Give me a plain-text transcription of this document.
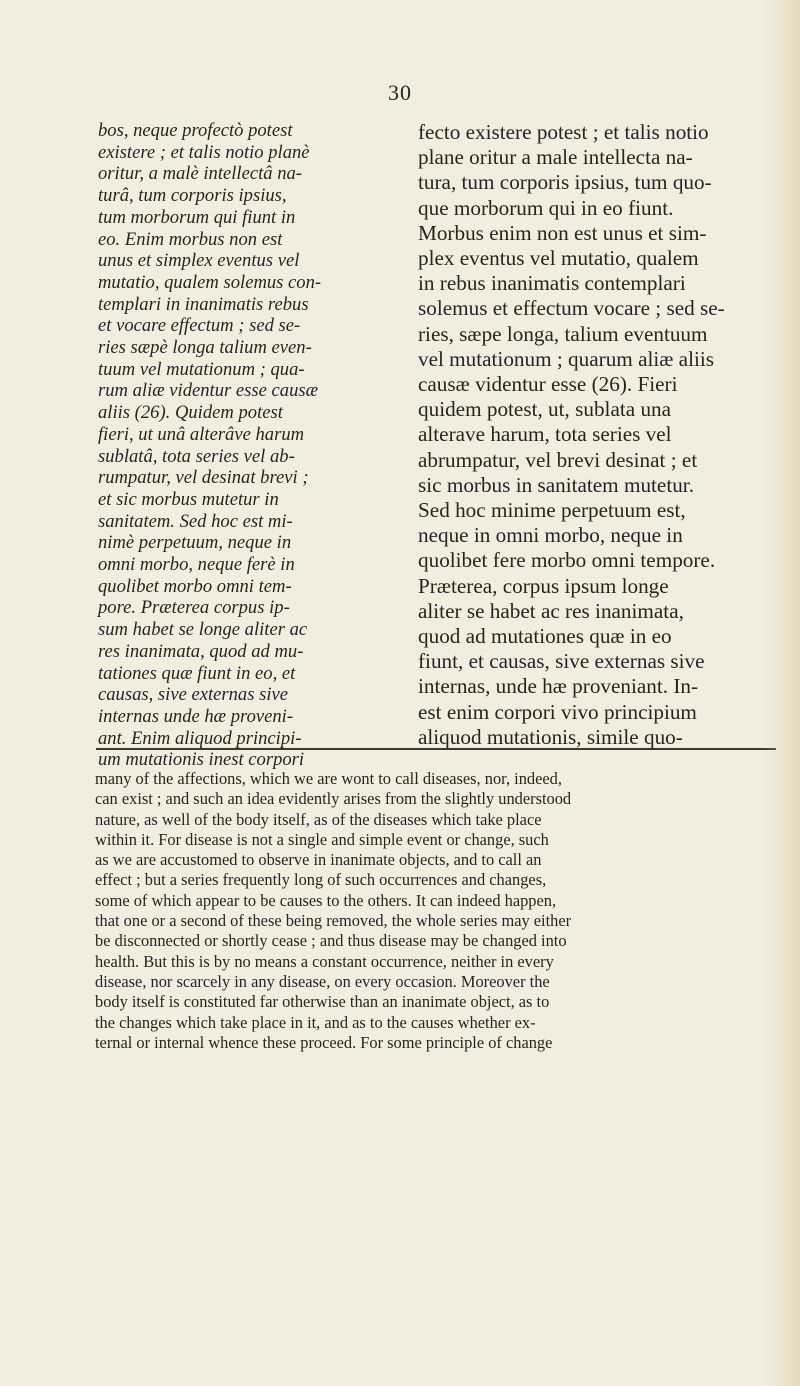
30
bos, neque profectò potest
existere ; et talis notio planè
oritur, a malè intellectâ na-
turâ, tum corporis ipsius,
tum morborum qui fiunt in
eo. Enim morbus non est
unus et simplex eventus vel
mutatio, qualem solemus con-
templari in inanimatis rebus
et vocare effectum ; sed se-
ries sæpè longa talium even-
tuum vel mutationum ; qua-
rum aliæ videntur esse causæ
aliis (26). Quidem potest
fieri, ut unâ alterâve harum
sublatâ, tota series vel ab-
rumpatur, vel desinat brevi ;
et sic morbus mutetur in
sanitatem. Sed hoc est mi-
nimè perpetuum, neque in
omni morbo, neque ferè in
quolibet morbo omni tem-
pore. Præterea corpus ip-
sum habet se longe aliter ac
res inanimata, quod ad mu-
tationes quæ fiunt in eo, et
causas, sive externas sive
internas unde hæ proveni-
ant. Enim aliquod principi-
um mutationis inest corpori
fecto existere potest ; et talis notio
plane oritur a male intellecta na-
tura, tum corporis ipsius, tum quo-
que morborum qui in eo fiunt.
Morbus enim non est unus et sim-
plex eventus vel mutatio, qualem
in rebus inanimatis contemplari
solemus et effectum vocare ; sed se-
ries, sæpe longa, talium eventuum
vel mutationum ; quarum aliæ aliis
causæ videntur esse (26). Fieri
quidem potest, ut, sublata una
alterave harum, tota series vel
abrumpatur, vel brevi desinat ; et
sic morbus in sanitatem mutetur.
Sed hoc minime perpetuum est,
neque in omni morbo, neque in
quolibet fere morbo omni tempore.
Præterea, corpus ipsum longe
aliter se habet ac res inanimata,
quod ad mutationes quæ in eo
fiunt, et causas, sive externas sive
internas, unde hæ proveniant. In-
est enim corpori vivo principium
aliquod mutationis, simile quo-
many of the affections, which we are wont to call diseases, nor, indeed,
can exist ; and such an idea evidently arises from the slightly understood
nature, as well of the body itself, as of the diseases which take place
within it. For disease is not a single and simple event or change, such
as we are accustomed to observe in inanimate objects, and to call an
effect ; but a series frequently long of such occurrences and changes,
some of which appear to be causes to the others. It can indeed happen,
that one or a second of these being removed, the whole series may either
be disconnected or shortly cease ; and thus disease may be changed into
health. But this is by no means a constant occurrence, neither in every
disease, nor scarcely in any disease, on every occasion. Moreover the
body itself is constituted far otherwise than an inanimate object, as to
the changes which take place in it, and as to the causes whether ex-
ternal or internal whence these proceed. For some principle of change
